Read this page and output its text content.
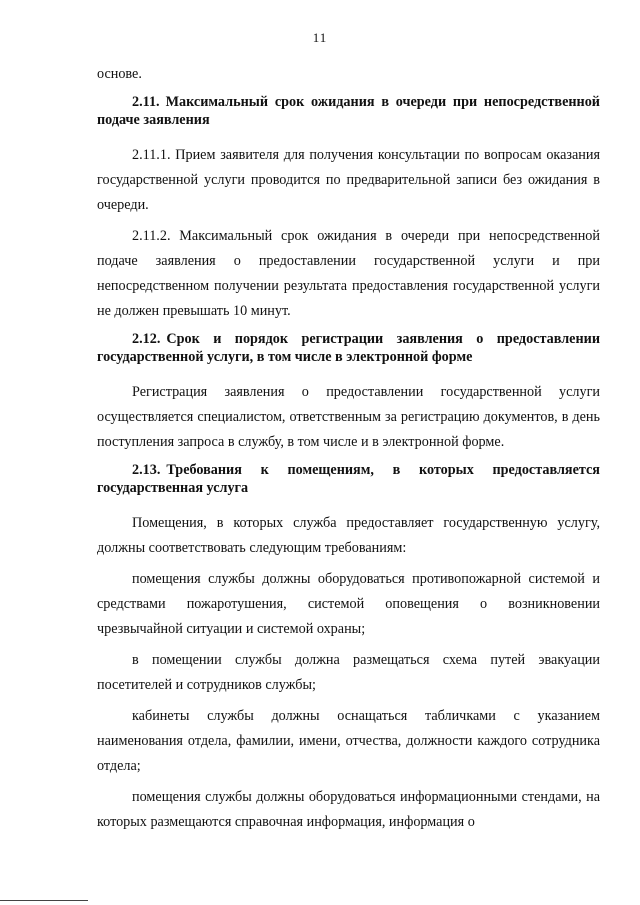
11

основе.

2.11. Максимальный срок ожидания в очереди при непосредственной подаче заявления

2.11.1. Прием заявителя для получения консультации по вопросам оказания государственной услуги проводится по предварительной записи без ожидания в очереди.

2.11.2. Максимальный срок ожидания в очереди при непосредственной подаче заявления о предоставлении государственной услуги и при непосредственном получении результата предоставления государственной услуги не должен превышать 10 минут.

2.12. Срок и порядок регистрации заявления о предоставлении государственной услуги, в том числе в электронной форме

Регистрация заявления о предоставлении государственной услуги осуществляется специалистом, ответственным за регистрацию документов, в день поступления запроса в службу, в том числе и в электронной форме.

2.13. Требования к помещениям, в которых предоставляется государственная услуга

Помещения, в которых служба предоставляет государственную услугу, должны соответствовать следующим требованиям:

помещения службы должны оборудоваться противопожарной системой и средствами пожаротушения, системой оповещения о возникновении чрезвычайной ситуации и системой охраны;

в помещении службы должна размещаться схема путей эвакуации посетителей и сотрудников службы;

кабинеты службы должны оснащаться табличками с указанием наименования отдела, фамилии, имени, отчества, должности каждого сотрудника отдела;

помещения службы должны оборудоваться информационными стендами, на которых размещаются справочная информация, информация о
